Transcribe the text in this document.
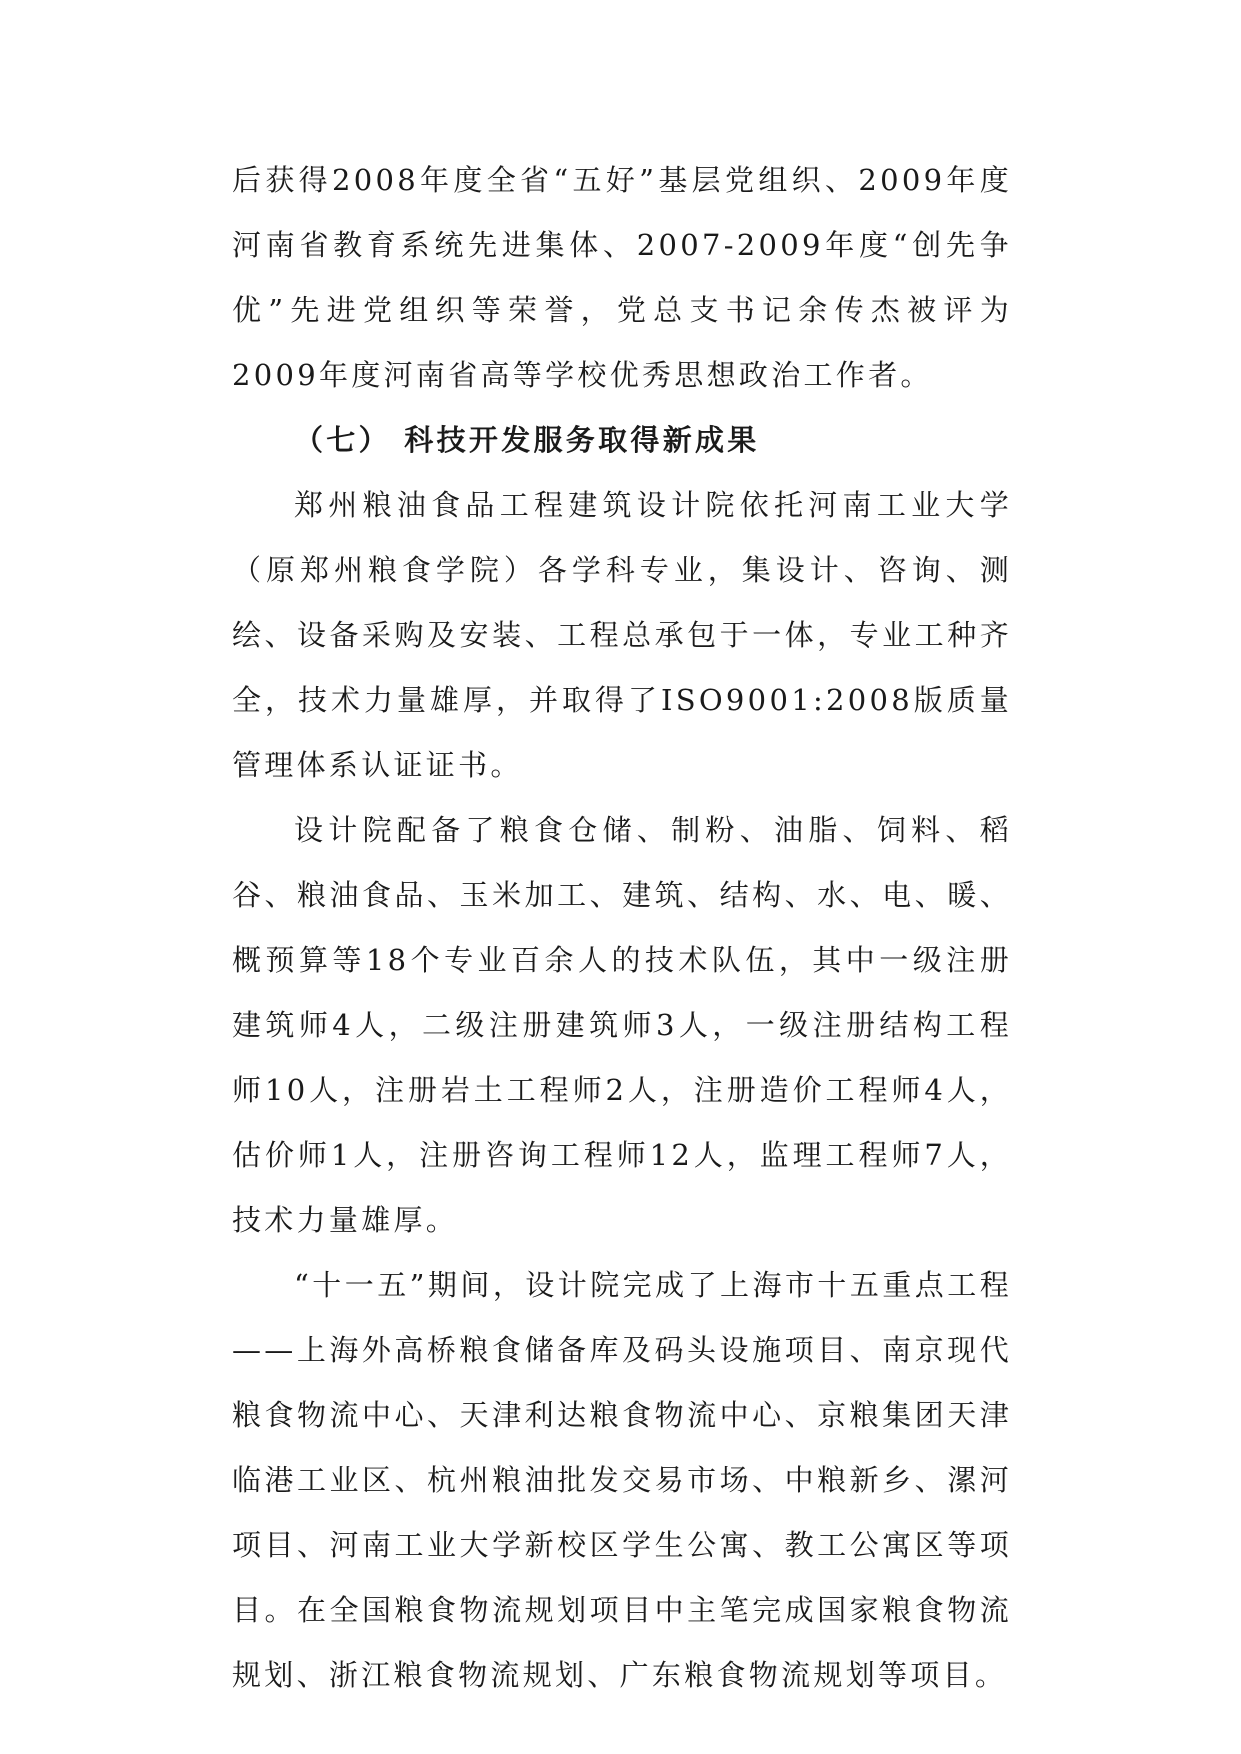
后获得2008年度全省“五好”基层党组织、2009年度河南省教育系统先进集体、2007-2009年度“创先争优”先进党组织等荣誉，党总支书记余传杰被评为2009年度河南省高等学校优秀思想政治工作者。

（七） 科技开发服务取得新成果

郑州粮油食品工程建筑设计院依托河南工业大学（原郑州粮食学院）各学科专业，集设计、咨询、测绘、设备采购及安装、工程总承包于一体，专业工种齐全，技术力量雄厚，并取得了ISO9001:2008版质量管理体系认证证书。

设计院配备了粮食仓储、制粉、油脂、饲料、稻谷、粮油食品、玉米加工、建筑、结构、水、电、暖、概预算等18个专业百余人的技术队伍，其中一级注册建筑师4人，二级注册建筑师3人，一级注册结构工程师10人，注册岩土工程师2人，注册造价工程师4人，估价师1人，注册咨询工程师12人，监理工程师7人，技术力量雄厚。

“十一五”期间，设计院完成了上海市十五重点工程——上海外高桥粮食储备库及码头设施项目、南京现代粮食物流中心、天津利达粮食物流中心、京粮集团天津临港工业区、杭州粮油批发交易市场、中粮新乡、漯河项目、河南工业大学新校区学生公寓、教工公寓区等项目。在全国粮食物流规划项目中主笔完成国家粮食物流规划、浙江粮食物流规划、广东粮食物流规划等项目。
